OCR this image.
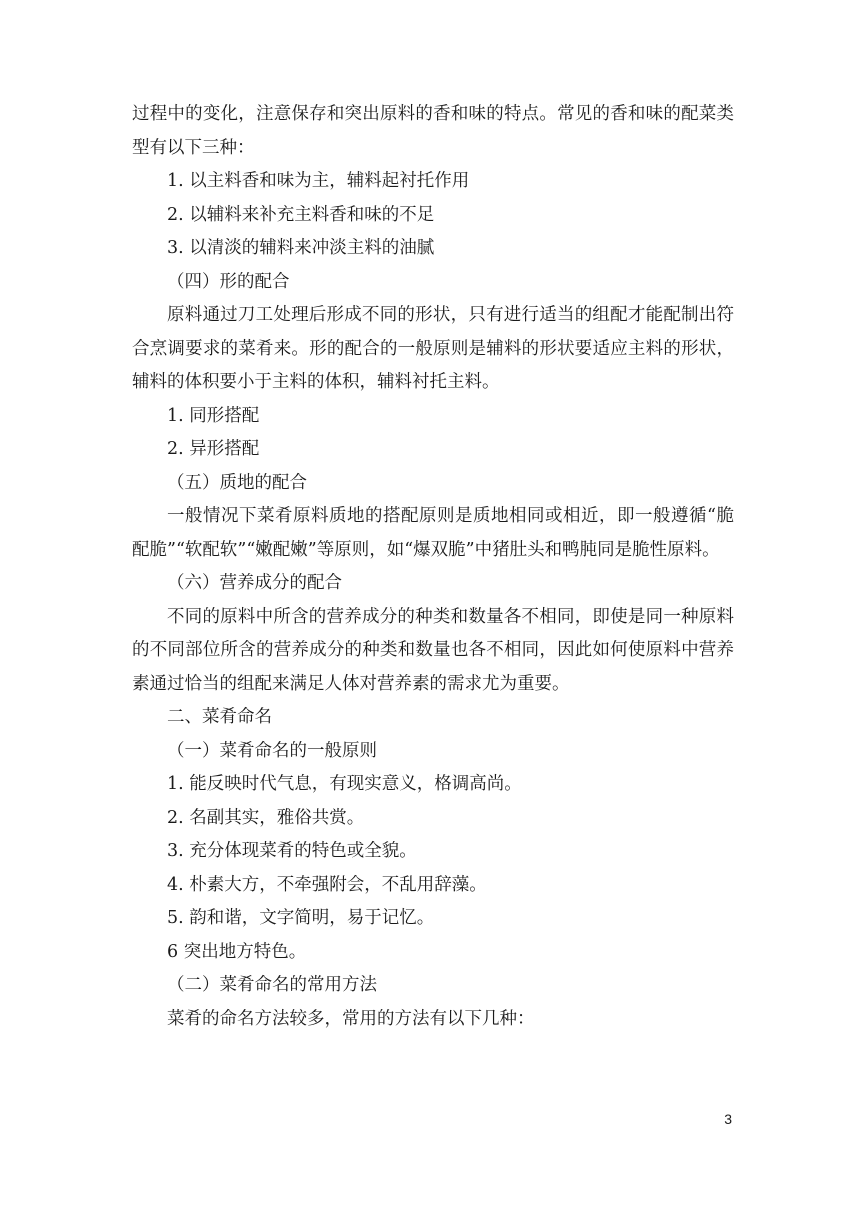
过程中的变化，注意保存和突出原料的香和味的特点。常见的香和味的配菜类型有以下三种：

1. 以主料香和味为主，辅料起衬托作用

2. 以辅料来补充主料香和味的不足

3. 以清淡的辅料来冲淡主料的油腻

（四）形的配合

原料通过刀工处理后形成不同的形状，只有进行适当的组配才能配制出符合烹调要求的菜肴来。形的配合的一般原则是辅料的形状要适应主料的形状，辅料的体积要小于主料的体积，辅料衬托主料。

1. 同形搭配

2. 异形搭配

（五）质地的配合

一般情况下菜肴原料质地的搭配原则是质地相同或相近，即一般遵循“脆配脆”“软配软”“嫩配嫩”等原则，如“爆双脆”中猪肚头和鸭肫同是脆性原料。

（六）营养成分的配合

不同的原料中所含的营养成分的种类和数量各不相同，即使是同一种原料的不同部位所含的营养成分的种类和数量也各不相同，因此如何使原料中营养素通过恰当的组配来满足人体对营养素的需求尤为重要。

二、菜肴命名

（一）菜肴命名的一般原则

1. 能反映时代气息，有现实意义，格调高尚。

2. 名副其实，雅俗共赏。

3. 充分体现菜肴的特色或全貌。

4. 朴素大方，不牵强附会，不乱用辞藻。

5. 韵和谐，文字简明，易于记忆。

6 突出地方特色。

（二）菜肴命名的常用方法

菜肴的命名方法较多，常用的方法有以下几种：

3
